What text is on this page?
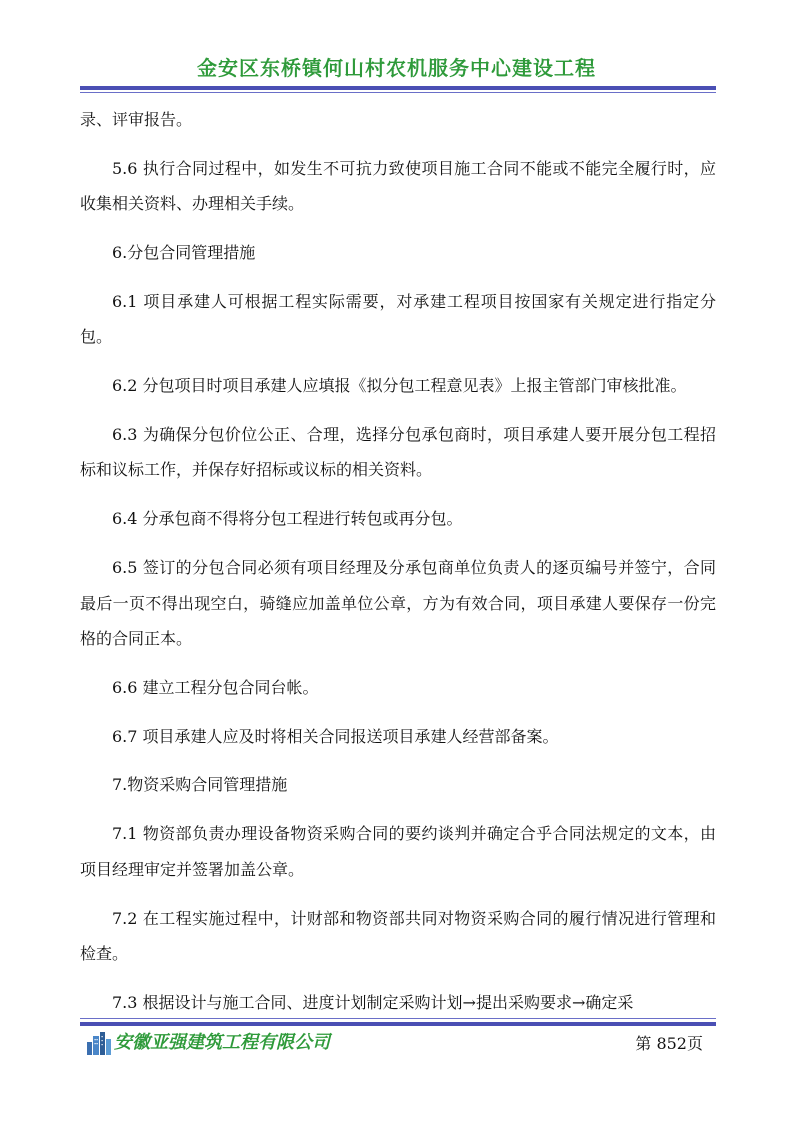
金安区东桥镇何山村农机服务中心建设工程

录、评审报告。

5.6 执行合同过程中，如发生不可抗力致使项目施工合同不能或不能完全履行时，应收集相关资料、办理相关手续。

6.分包合同管理措施

6.1 项目承建人可根据工程实际需要，对承建工程项目按国家有关规定进行指定分包。

6.2 分包项目时项目承建人应填报《拟分包工程意见表》上报主管部门审核批准。

6.3 为确保分包价位公正、合理，选择分包承包商时，项目承建人要开展分包工程招标和议标工作，并保存好招标或议标的相关资料。

6.4 分承包商不得将分包工程进行转包或再分包。

6.5 签订的分包合同必须有项目经理及分承包商单位负责人的逐页编号并签宁，合同最后一页不得出现空白，骑缝应加盖单位公章，方为有效合同，项目承建人要保存一份完格的合同正本。

6.6 建立工程分包合同台帐。

6.7 项目承建人应及时将相关合同报送项目承建人经营部备案。

7.物资采购合同管理措施

7.1 物资部负责办理设备物资采购合同的要约谈判并确定合乎合同法规定的文本，由项目经理审定并签署加盖公章。

7.2 在工程实施过程中，计财部和物资部共同对物资采购合同的履行情况进行管理和检查。

7.3 根据设计与施工合同、进度计划制定采购计划→提出采购要求→确定采

安徽亚强建筑工程有限公司	第 852页
